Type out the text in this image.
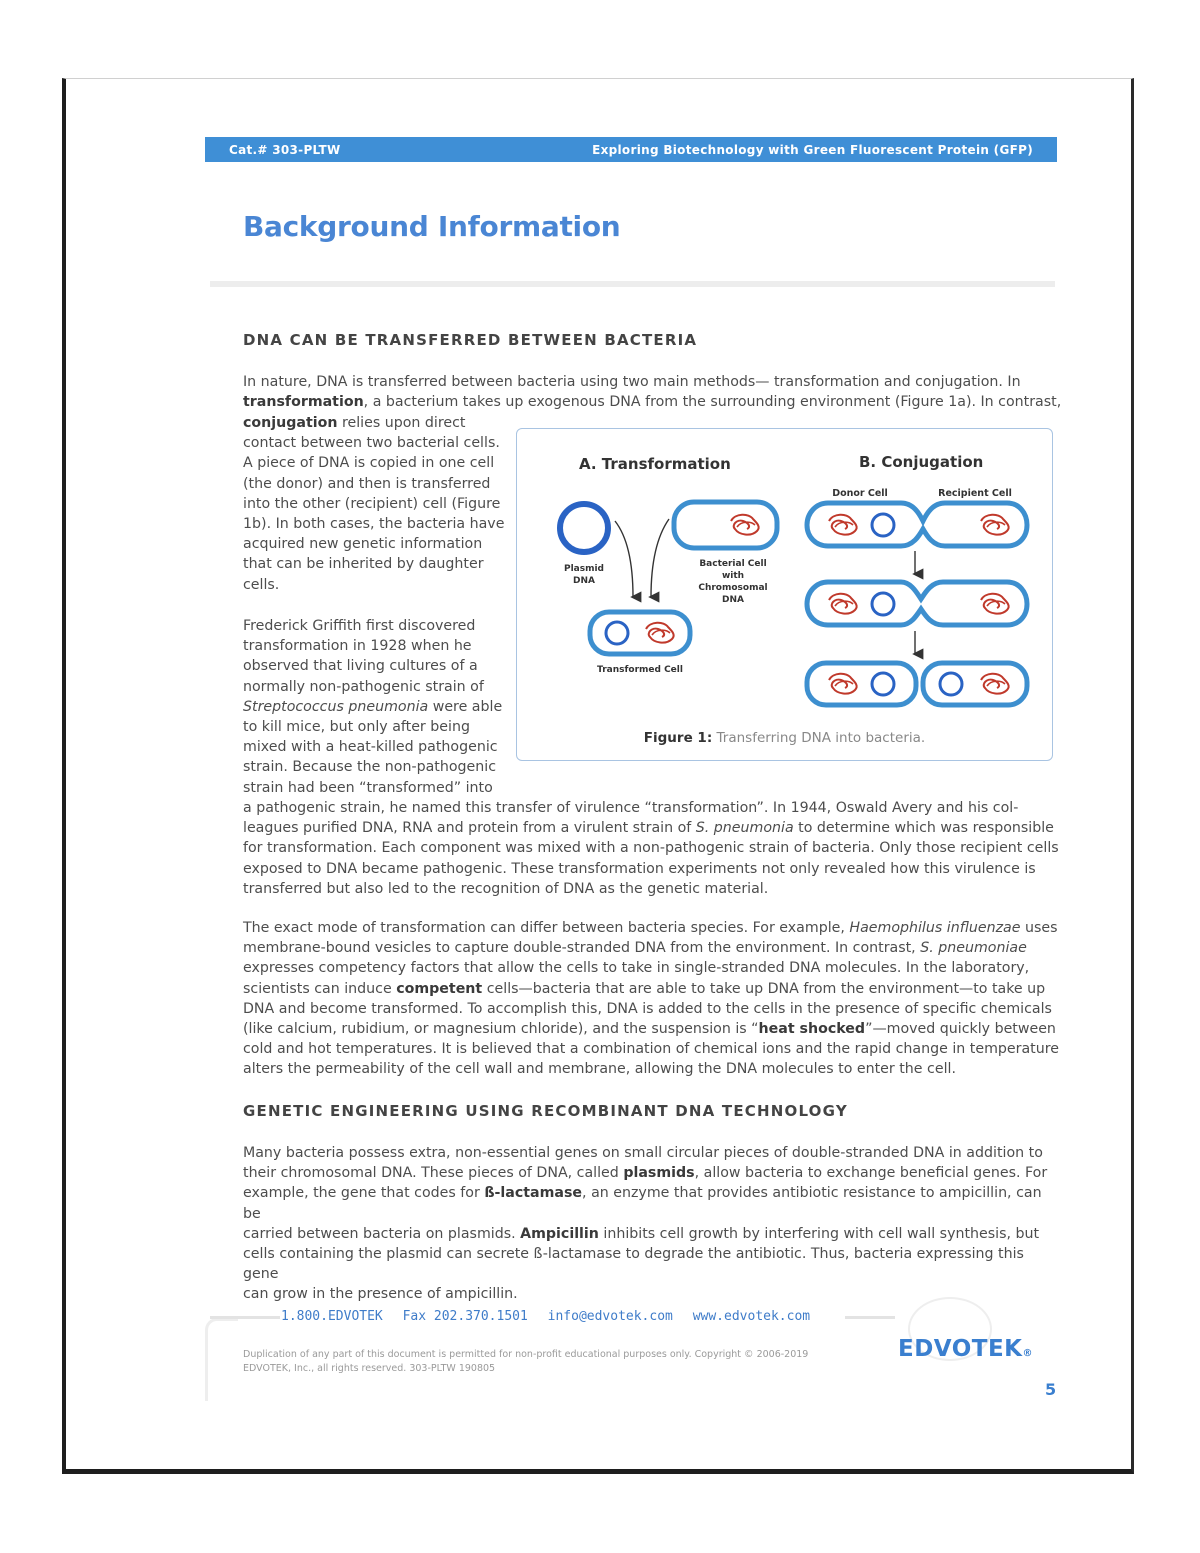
Cat.# 303-PLTW	Exploring Biotechnology with Green Fluorescent Protein (GFP)
Background Information
DNA CAN BE TRANSFERRED BETWEEN BACTERIA

In nature, DNA is transferred between bacteria using two main methods— transformation and conjugation. In
transformation, a bacterium takes up exogenous DNA from the surrounding environment (Figure 1a). In contrast,

conjugation relies upon direct
contact between two bacterial cells.
A piece of DNA is copied in one cell
(the donor) and then is transferred
into the other (recipient) cell (Figure
1b). In both cases, the bacteria have
acquired new genetic information
that can be inherited by daughter
cells.

Frederick Griffith first discovered
transformation in 1928 when he
observed that living cultures of a
normally non-pathogenic strain of
Streptococcus pneumonia were able
to kill mice, but only after being
mixed with a heat-killed pathogenic
strain. Because the non-pathogenic
strain had been “transformed” into

a pathogenic strain, he named this transfer of virulence “transformation”. In 1944, Oswald Avery and his col-
leagues purified DNA, RNA and protein from a virulent strain of S. pneumonia to determine which was responsible
for transformation. Each component was mixed with a non-pathogenic strain of bacteria. Only those recipient cells
exposed to DNA became pathogenic. These transformation experiments not only revealed how this virulence is
transferred but also led to the recognition of DNA as the genetic material.

The exact mode of transformation can differ between bacteria species. For example, Haemophilus influenzae uses
membrane-bound vesicles to capture double-stranded DNA from the environment. In contrast, S. pneumoniae
expresses competency factors that allow the cells to take in single-stranded DNA molecules. In the laboratory,
scientists can induce competent cells—bacteria that are able to take up DNA from the environment—to take up
DNA and become transformed. To accomplish this, DNA is added to the cells in the presence of specific chemicals
(like calcium, rubidium, or magnesium chloride), and the suspension is “heat shocked”—moved quickly between
cold and hot temperatures. It is believed that a combination of chemical ions and the rapid change in temperature
alters the permeability of the cell wall and membrane, allowing the DNA molecules to enter the cell.

GENETIC ENGINEERING USING RECOMBINANT DNA TECHNOLOGY

Many bacteria possess extra, non-essential genes on small circular pieces of double-stranded DNA in addition to
their chromosomal DNA. These pieces of DNA, called plasmids, allow bacteria to exchange beneficial genes. For
example, the gene that codes for ß-lactamase, an enzyme that provides antibiotic resistance to ampicillin, can be
carried between bacteria on plasmids. Ampicillin inhibits cell growth by interfering with cell wall synthesis, but
cells containing the plasmid can secrete ß-lactamase to degrade the antibiotic. Thus, bacteria expressing this gene
can grow in the presence of ampicillin.

A. Transformation	B. Conjugation
Plasmid
DNA
Bacterial Cell
with
Chromosomal
DNA
Transformed Cell
Donor Cell	Recipient Cell
Figure 1: Transferring DNA into bacteria.
1.800.EDVOTEK Fax 202.370.1501 info@edvotek.com www.edvotek.com
Duplication of any part of this document is permitted for non-profit educational purposes only. Copyright © 2006-2019
EDVOTEK, Inc., all rights reserved. 303-PLTW 190805
EDVOTEK®
5
